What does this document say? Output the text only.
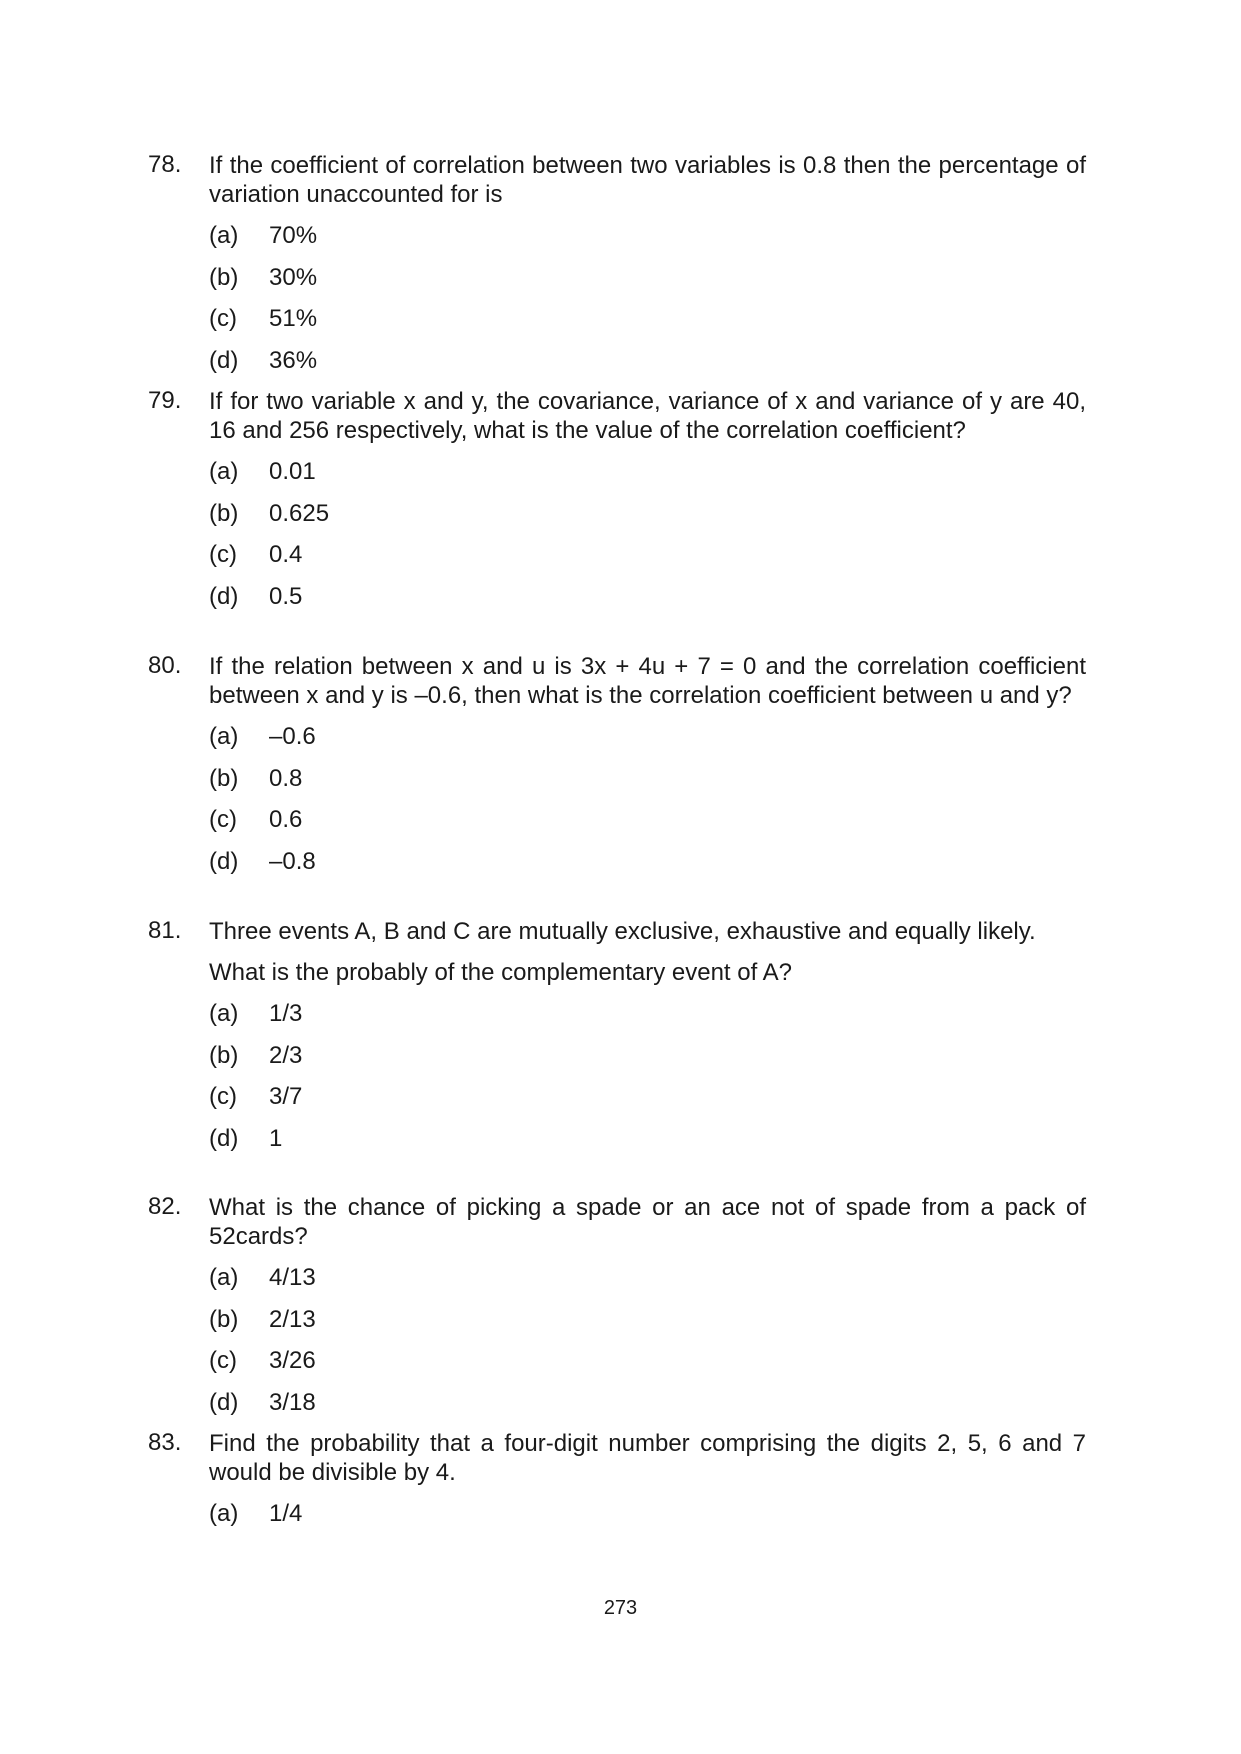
78.	If the coefficient of correlation between two variables is 0.8 then the percentage of variation unaccounted for is
(a) 70%
(b) 30%
(c) 51%
(d) 36%
79.	If for two variable x and y, the covariance, variance of x and variance of y are 40, 16 and 256 respectively, what is the value of the correlation coefficient?
(a) 0.01
(b) 0.625
(c) 0.4
(d) 0.5
80.	If the relation between x and u is 3x + 4u + 7 = 0 and the correlation coefficient between x and y is –0.6, then what is the correlation coefficient between u and y?
(a) –0.6
(b) 0.8
(c) 0.6
(d) –0.8
81.	Three events A, B and C are mutually exclusive, exhaustive and equally likely.
What is the probably of the complementary event of A?
(a) 1/3
(b) 2/3
(c) 3/7
(d) 1
82.	What is the chance of picking a spade or an ace not of spade from a pack of 52cards?
(a) 4/13
(b) 2/13
(c) 3/26
(d) 3/18
83.	Find the probability that a four-digit number comprising the digits 2, 5, 6 and 7 would be divisible by 4.
(a) 1/4
273
